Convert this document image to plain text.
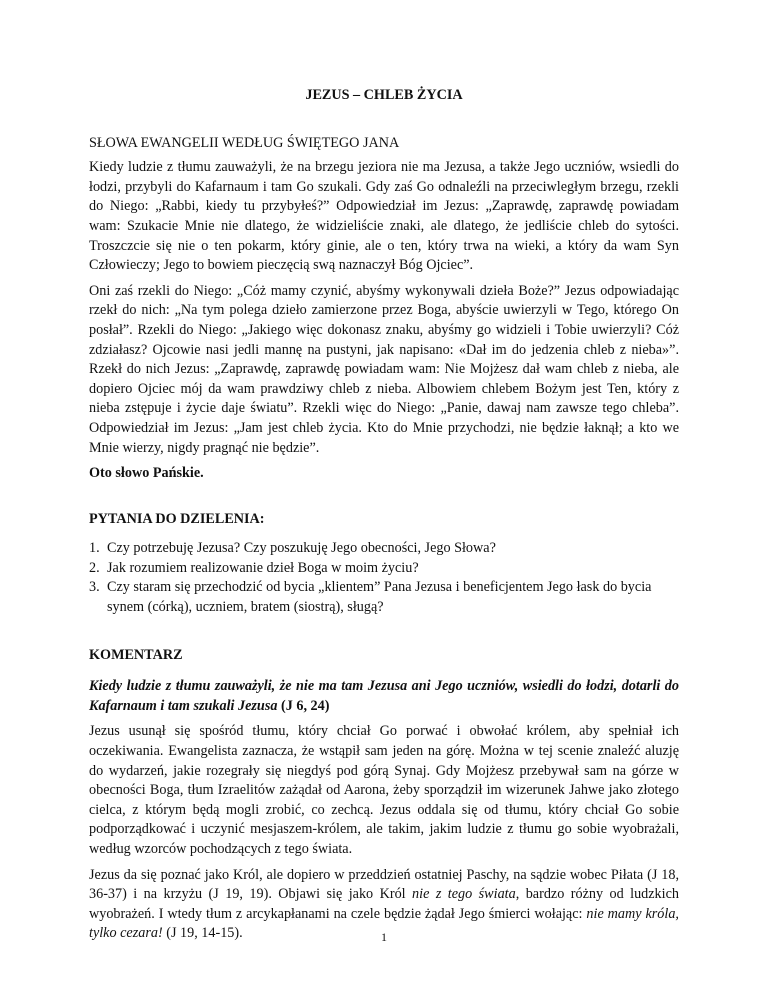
JEZUS – CHLEB ŻYCIA
SŁOWA EWANGELII WEDŁUG ŚWIĘTEGO JANA

Kiedy ludzie z tłumu zauważyli, że na brzegu jeziora nie ma Jezusa, a także Jego uczniów, wsiedli do łodzi, przybyli do Kafarnaum i tam Go szukali. Gdy zaś Go odnaleźli na przeciwległym brzegu, rzekli do Niego: „Rabbi, kiedy tu przybyłeś?” Odpowiedział im Jezus: „Zaprawdę, zaprawdę powiadam wam: Szukacie Mnie nie dlatego, że widzieliście znaki, ale dlatego, że jedliście chleb do sytości. Troszczcie się nie o ten pokarm, który ginie, ale o ten, który trwa na wieki, a który da wam Syn Człowieczy; Jego to bowiem pieczęcią swą naznaczył Bóg Ojciec”.

Oni zaś rzekli do Niego: „Cóż mamy czynić, abyśmy wykonywali dzieła Boże?” Jezus odpowiadając rzekł do nich: „Na tym polega dzieło zamierzone przez Boga, abyście uwierzyli w Tego, którego On posłał”. Rzekli do Niego: „Jakiego więc dokonasz znaku, abyśmy go widzieli i Tobie uwierzyli? Cóż zdziałasz? Ojcowie nasi jedli mannę na pustyni, jak napisano: «Dał im do jedzenia chleb z nieba»”. Rzekł do nich Jezus: „Zaprawdę, zaprawdę powiadam wam: Nie Mojżesz dał wam chleb z nieba, ale dopiero Ojciec mój da wam prawdziwy chleb z nieba. Albowiem chlebem Bożym jest Ten, który z nieba zstępuje i życie daje światu”. Rzekli więc do Niego: „Panie, dawaj nam zawsze tego chleba”. Odpowiedział im Jezus: „Jam jest chleb życia. Kto do Mnie przychodzi, nie będzie łaknął; a kto we Mnie wierzy, nigdy pragnąć nie będzie”.

Oto słowo Pańskie.

PYTANIA DO DZIELENIA:
1. Czy potrzebuję Jezusa? Czy poszukuję Jego obecności, Jego Słowa?
2. Jak rozumiem realizowanie dzieł Boga w moim życiu?
3. Czy staram się przechodzić od bycia „klientem” Pana Jezusa i beneficjentem Jego łask do bycia synem (córką), uczniem, bratem (siostrą), sługą?
KOMENTARZ

Kiedy ludzie z tłumu zauważyli, że nie ma tam Jezusa ani Jego uczniów, wsiedli do łodzi, dotarli do Kafarnaum i tam szukali Jezusa (J 6, 24)

Jezus usunął się spośród tłumu, który chciał Go porwać i obwołać królem, aby spełniał ich oczekiwania. Ewangelista zaznacza, że wstąpił sam jeden na górę. Można w tej scenie znaleźć aluzję do wydarzeń, jakie rozegrały się niegdyś pod górą Synaj. Gdy Mojżesz przebywał sam na górze w obecności Boga, tłum Izraelitów zażądał od Aarona, żeby sporządził im wizerunek Jahwe jako złotego cielca, z którym będą mogli zrobić, co zechcą. Jezus oddala się od tłumu, który chciał Go sobie podporządkować i uczynić mesjaszem-królem, ale takim, jakim ludzie z tłumu go sobie wyobrażali, według wzorców pochodzących z tego świata.

Jezus da się poznać jako Król, ale dopiero w przeddzień ostatniej Paschy, na sądzie wobec Piłata (J 18, 36-37) i na krzyżu (J 19, 19). Objawi się jako Król nie z tego świata, bardzo różny od ludzkich wyobrażeń. I wtedy tłum z arcykapłanami na czele będzie żądał Jego śmierci wołając: nie mamy króla, tylko cezara! (J 19, 14-15).	1
